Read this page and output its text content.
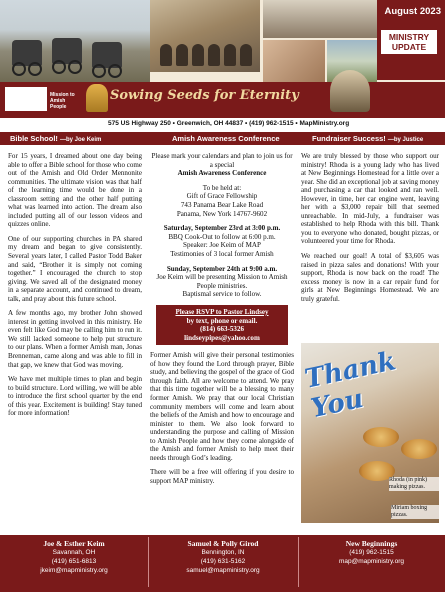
August 2023
MINISTRY UPDATE
Mission to Amish People
Sowing Seeds for Eternity
575 US Highway 250 • Greenwich, OH 44837 • (419) 962-1515 • MapMinistry.org
Bible School! —by Joe Keim	Amish Awareness Conference	Fundraiser Success! —by Justice

For 15 years, I dreamed about one day being able to offer a Bible school for those who come out of the Amish and Old Order Mennonite communities. The ultimate vision was that half of the learning time would be done in a classroom setting and the other half putting what was learned into action. The dream also included putting all of our lesson videos and quizzes online.

One of our supporting churches in PA shared my dream and began to give consistently. Several years later, I called Pastor Todd Baker and said, “Brother it is simply not coming together.” I encouraged the church to stop giving. We saved all of the designated money in a separate account, and continued to dream, talk, and pray about this future school.

A few months ago, my brother John showed interest in getting involved in this ministry. He even felt like God may be calling him to run it. We still lacked someone to help put structure to our plans. When a former Amish man, Jonas Brenneman, came along and was able to fill in that gap, we knew that God was moving.

We have met multiple times to plan and begin to build structure. Lord willing, we will be able to introduce the first school quarter by the end of this year. Excitement is building! Stay tuned for more information!

Please mark your calendars and plan to join us for a special
Amish Awareness Conference
To be held at:
Gift of Grace Fellowship
743 Panama Bear Lake Road
Panama, New York 14767-9602
Saturday, September 23rd at 3:00 p.m.
BBQ Cook-Out to follow at 6:00 p.m.
Speaker: Joe Keim of MAP
Testimonies of 3 local former Amish
Sunday, September 24th at 9:00 a.m.
Joe Keim will be presenting Mission to Amish People ministries.
Baptismal service to follow.
Please RSVP to Pastor Lindsey
by text, phone or email.
(814) 663-5326
lindseypipes@yahoo.com

Former Amish will give their personal testimonies of how they found the Lord through prayer, Bible study, and believing the gospel of the grace of God through faith. All are welcome to attend. We pray that this time together will be a blessing to many former Amish. We pray that our local Christian community members will come and learn about the beliefs of the Amish and how to encourage and minister to them. We also look forward to understanding the purpose and calling of Mission to Amish People and how they come alongside of the Amish and former Amish to help meet their needs through God’s leading.

There will be a free will offering if you desire to support MAP ministry.

We are truly blessed by those who support our ministry! Rhoda is a young lady who has lived at New Beginnings Homestead for a little over a year. She did an exceptional job at saving money and purchasing a car that looked and ran well. However, in time, her car engine went, leaving her with a $3,000 repair bill that seemed unreachable. In mid-July, a fundraiser was established to help Rhoda with this bill. Thank you to everyone who donated, bought pizzas, or volunteered your time for Rhoda.

We reached our goal! A total of $3,605 was raised in pizza sales and donations! With your support, Rhoda is now back on the road! The excess money is now in a car repair fund for girls at New Beginnings Homestead. We are truly grateful.

Thank You
Rhoda (in pink) making pizzas.
Miriam boxing pizzas.
Joe & Esther Keim
Savannah, OH
(419) 651-6813
jkeim@mapministry.org
Samuel & Polly Girod
Bennington, IN
(419) 631-5162
samuel@mapministry.org
New Beginnings
(419) 962-1515
map@mapministry.org
